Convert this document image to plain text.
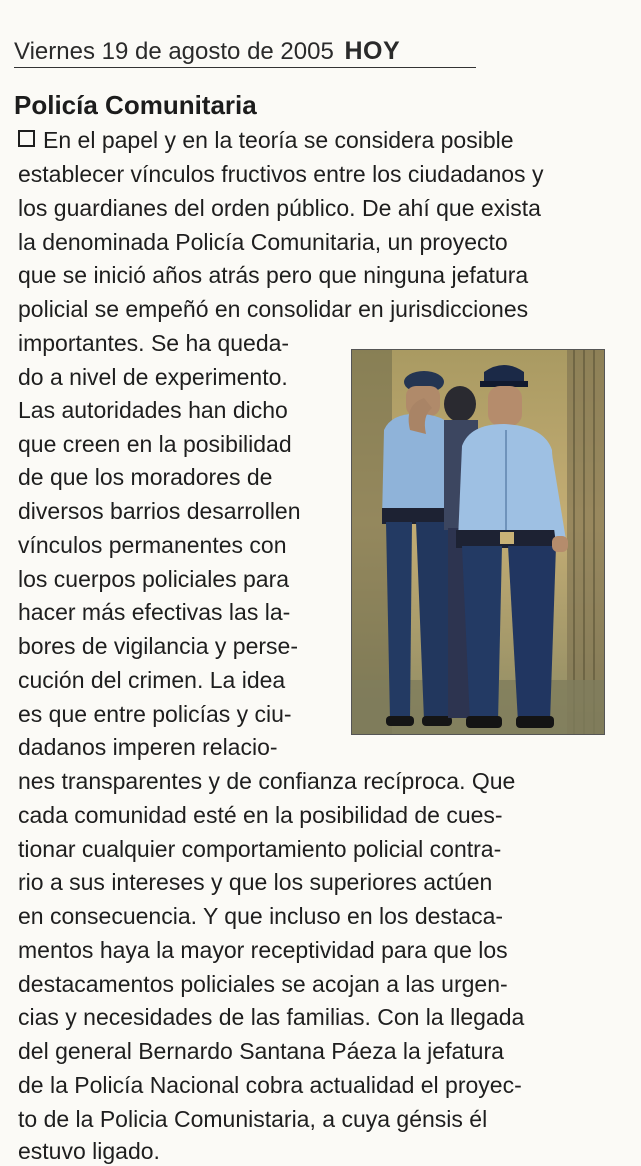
Viernes 19 de agosto de 2005 HOY
Policía Comunitaria
En el papel y en la teoría se considera posible
establecer vínculos fructivos entre los ciudadanos y
los guardianes del orden público. De ahí que exista
la denominada Policía Comunitaria, un proyecto
que se inició años atrás pero que ninguna jefatura
policial se empeñó en consolidar en jurisdicciones
importantes. Se ha queda-
do a nivel de experimento.
Las autoridades han dicho
que creen en la posibilidad
de que los moradores de
diversos barrios desarrollen
vínculos permanentes con
los cuerpos policiales para
hacer más efectivas las la-
bores de vigilancia y perse-
cución del crimen. La idea
es que entre policías y ciu-
dadanos imperen relacio-
nes transparentes y de confianza recíproca. Que
cada comunidad esté en la posibilidad de cues-
tionar cualquier comportamiento policial contra-
rio a sus intereses y que los superiores actúen
en consecuencia. Y que incluso en los destaca-
mentos haya la mayor receptividad para que los
destacamentos policiales se acojan a las urgen-
cias y necesidades de las familias. Con la llegada
del general Bernardo Santana Páeza la jefatura
de la Policía Nacional cobra actualidad el proyec-
to de la Policia Comunistaria, a cuya génsis él
estuvo ligado.
